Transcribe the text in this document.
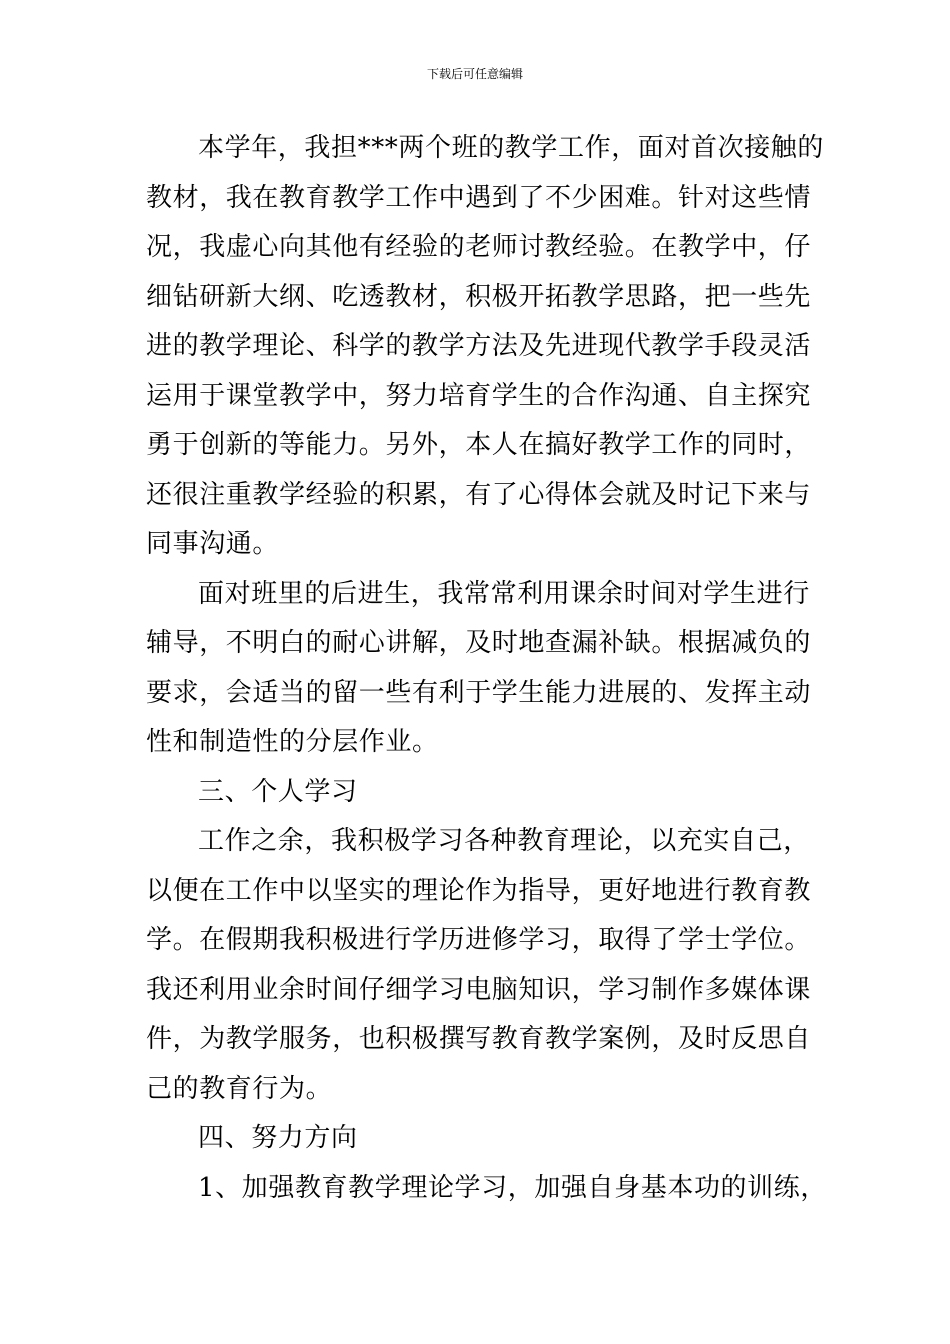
下载后可任意编辑
本学年，我担***两个班的教学工作，面对首次接触的
教材，我在教育教学工作中遇到了不少困难。针对这些情
况，我虚心向其他有经验的老师讨教经验。在教学中，仔
细钻研新大纲、吃透教材，积极开拓教学思路，把一些先
进的教学理论、科学的教学方法及先进现代教学手段灵活
运用于课堂教学中，努力培育学生的合作沟通、自主探究
勇于创新的等能力。另外，本人在搞好教学工作的同时，
还很注重教学经验的积累，有了心得体会就及时记下来与
同事沟通。
面对班里的后进生，我常常利用课余时间对学生进行
辅导，不明白的耐心讲解，及时地查漏补缺。根据减负的
要求，会适当的留一些有利于学生能力进展的、发挥主动
性和制造性的分层作业。
三、个人学习
工作之余，我积极学习各种教育理论，以充实自己，
以便在工作中以坚实的理论作为指导，更好地进行教育教
学。在假期我积极进行学历进修学习，取得了学士学位。
我还利用业余时间仔细学习电脑知识，学习制作多媒体课
件，为教学服务，也积极撰写教育教学案例，及时反思自
己的教育行为。
四、努力方向
1、加强教育教学理论学习，加强自身基本功的训练，
